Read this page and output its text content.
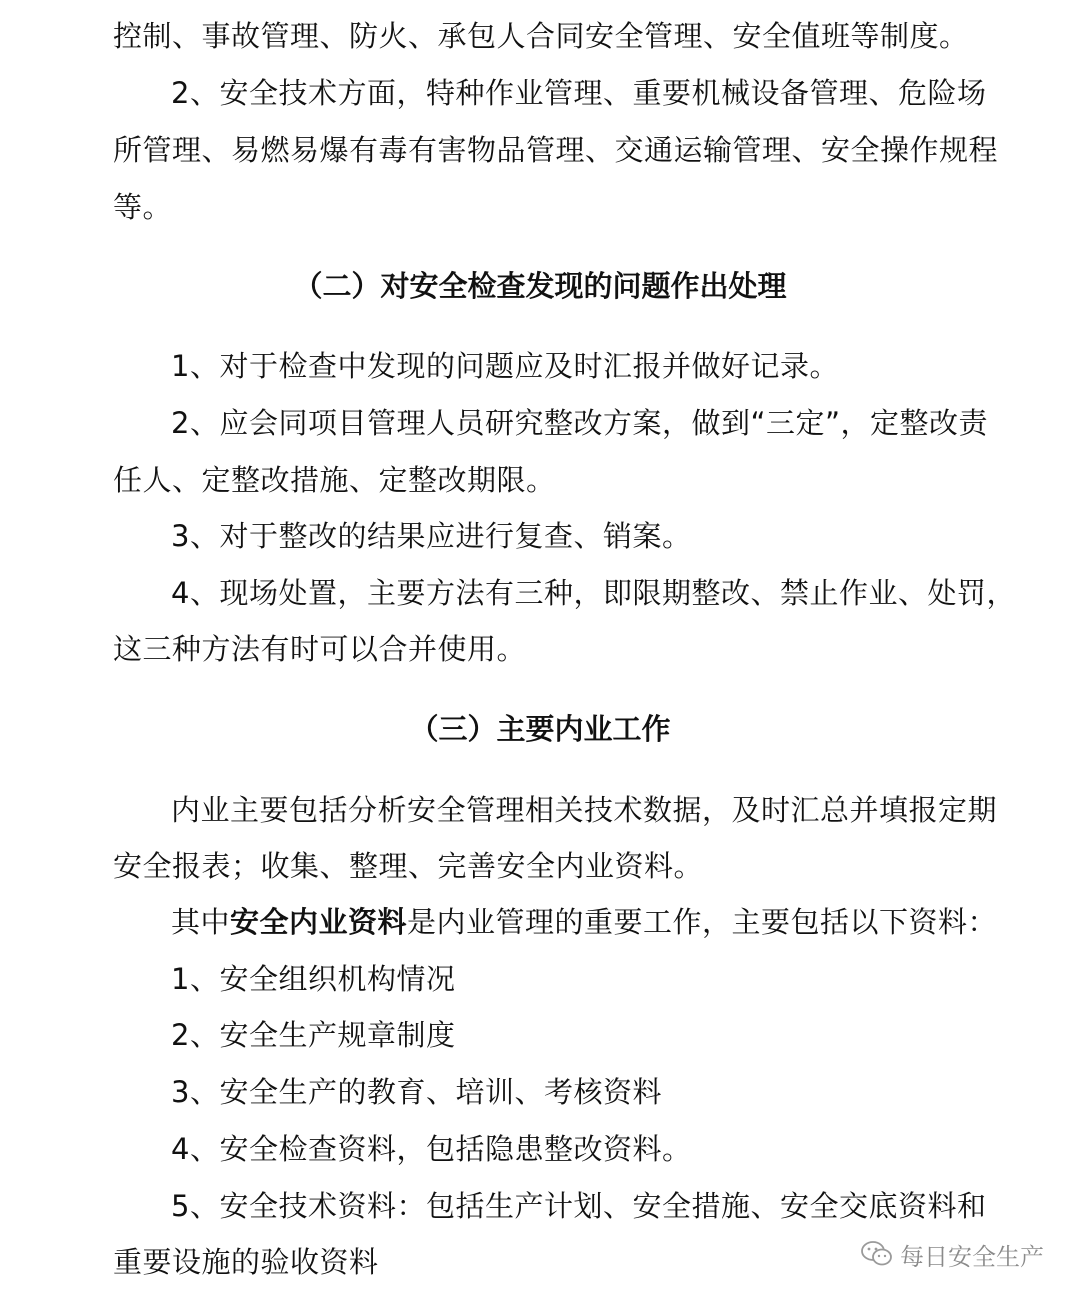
控制、事故管理、防火、承包人合同安全管理、安全值班等制度。
2、安全技术方面，特种作业管理、重要机械设备管理、危险场
所管理、易燃易爆有毒有害物品管理、交通运输管理、安全操作规程
等。
（二）对安全检查发现的问题作出处理
1、对于检查中发现的问题应及时汇报并做好记录。
2、应会同项目管理人员研究整改方案，做到“三定”，定整改责
任人、定整改措施、定整改期限。
3、对于整改的结果应进行复查、销案。
4、现场处置，主要方法有三种，即限期整改、禁止作业、处罚，
这三种方法有时可以合并使用。
（三）主要内业工作
内业主要包括分析安全管理相关技术数据，及时汇总并填报定期
安全报表；收集、整理、完善安全内业资料。
其中安全内业资料是内业管理的重要工作，主要包括以下资料：
1、安全组织机构情况
2、安全生产规章制度
3、安全生产的教育、培训、考核资料
4、安全检查资料，包括隐患整改资料。
5、安全技术资料：包括生产计划、安全措施、安全交底资料和
重要设施的验收资料	每日安全生产
